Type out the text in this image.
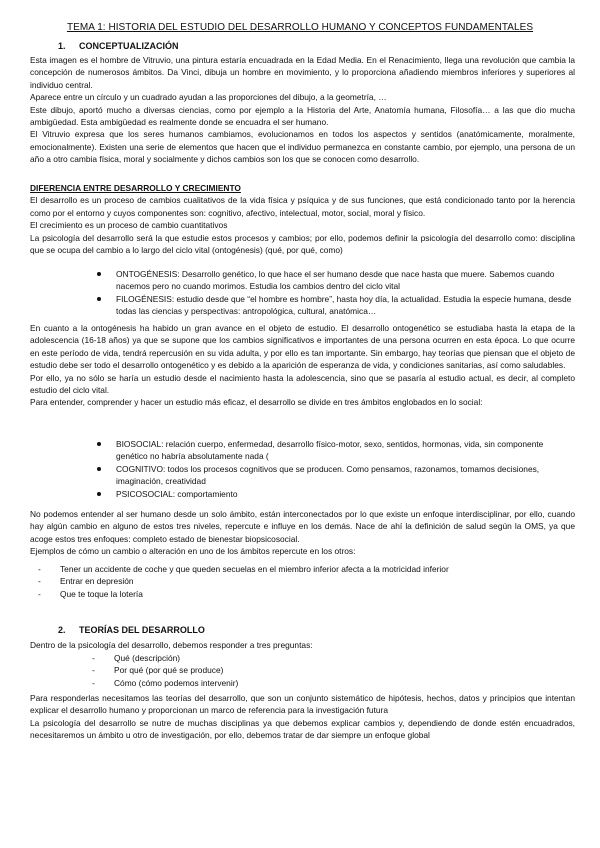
TEMA 1: HISTORIA DEL ESTUDIO DEL DESARROLLO HUMANO Y CONCEPTOS FUNDAMENTALES
1. CONCEPTUALIZACIÓN

Esta imagen es el hombre de Vitruvio, una pintura estaría encuadrada en la Edad Media. En el Renacimiento, llega una revolución que cambia la concepción de numerosos ámbitos. Da Vinci, dibuja un hombre en movimiento, y lo proporciona añadiendo miembros inferiores y superiores al individuo central.

Aparece entre un círculo y un cuadrado ayudan a las proporciones del dibujo, a la geometría, …

Este dibujo, aportó mucho a diversas ciencias, como por ejemplo a la Historia del Arte, Anatomía humana, Filosofía… a las que dio mucha ambigüedad. Esta ambigüedad es realmente donde se encuadra el ser humano.

El Vitruvio expresa que los seres humanos cambiamos, evolucionamos en todos los aspectos y sentidos (anatómicamente, moralmente, emocionalmente). Existen una serie de elementos que hacen que el individuo permanezca en constante cambio, por ejemplo, una persona de un año a otro cambia física, moral y socialmente y dichos cambios son los que se conocen como desarrollo.

DIFERENCIA ENTRE DESARROLLO Y CRECIMIENTO

El desarrollo es un proceso de cambios cualitativos de la vida física y psíquica y de sus funciones, que está condicionado tanto por la herencia como por el entorno y cuyos componentes son: cognitivo, afectivo, intelectual, motor, social, moral y físico.

El crecimiento es un proceso de cambio cuantitativos

La psicología del desarrollo será la que estudie estos procesos y cambios; por ello, podemos definir la psicología del desarrollo como: disciplina que se ocupa del cambio a lo largo del ciclo vital (ontogénesis) (qué, por qué, como)

ONTOGÉNESIS: Desarrollo genético, lo que hace el ser humano desde que nace hasta que muere. Sabemos cuando nacemos pero no cuando morimos. Estudia los cambios dentro del ciclo vital
FILOGÉNESIS: estudio desde que “el hombre es hombre”, hasta hoy día, la actualidad. Estudia la especie humana, desde todas las ciencias y perspectivas: antropológica, cultural, anatómica…

En cuanto a la ontogénesis ha habido un gran avance en el objeto de estudio. El desarrollo ontogenético se estudiaba hasta la etapa de la adolescencia (16-18 años) ya que se supone que los cambios significativos e importantes de una persona ocurren en esta época. Lo que ocurre en este período de vida, tendrá repercusión en su vida adulta, y por ello es tan importante. Sin embargo, hay teorías que piensan que el objeto de estudio debe ser todo el desarrollo ontogenético y es debido a la aparición de esperanza de vida, y condiciones sanitarias, así como saludables.

Por ello, ya no sólo se haría un estudio desde el nacimiento hasta la adolescencia, sino que se pasaría al estudio actual, es decir, al completo estudio del ciclo vital.

Para entender, comprender y hacer un estudio más eficaz, el desarrollo se divide en tres ámbitos englobados en lo social:

BIOSOCIAL: relación cuerpo, enfermedad, desarrollo físico-motor, sexo, sentidos, hormonas, vida, sin componente genético no habría absolutamente nada (
COGNITIVO: todos los procesos cognitivos que se producen. Como pensamos, razonamos, tomamos decisiones, imaginación, creatividad
PSICOSOCIAL: comportamiento

No podemos entender al ser humano desde un solo ámbito, están interconectados por lo que existe un enfoque interdisciplinar, por ello, cuando hay algún cambio en alguno de estos tres niveles, repercute e influye en los demás. Nace de ahí la definición de salud según la OMS, ya que acoge estos tres enfoques: completo estado de bienestar biopsicosocial.

Ejemplos de cómo un cambio o alteración en uno de los ámbitos repercute en los otros:

- Tener un accidente de coche y que queden secuelas en el miembro inferior afecta a la motricidad inferior
- Entrar en depresión
- Que te toque la lotería
2. TEORÍAS DEL DESARROLLO

Dentro de la psicología del desarrollo, debemos responder a tres preguntas:

- Qué (descripción)
- Por qué (por qué se produce)
- Cómo (cómo podemos intervenir)

Para responderlas necesitamos las teorías del desarrollo, que son un conjunto sistemático de hipótesis, hechos, datos y principios que intentan explicar el desarrollo humano y proporcionan un marco de referencia para la investigación futura

La psicología del desarrollo se nutre de muchas disciplinas ya que debemos explicar cambios y, dependiendo de donde estén encuadrados, necesitaremos un ámbito u otro de investigación, por ello, debemos tratar de dar siempre un enfoque global
